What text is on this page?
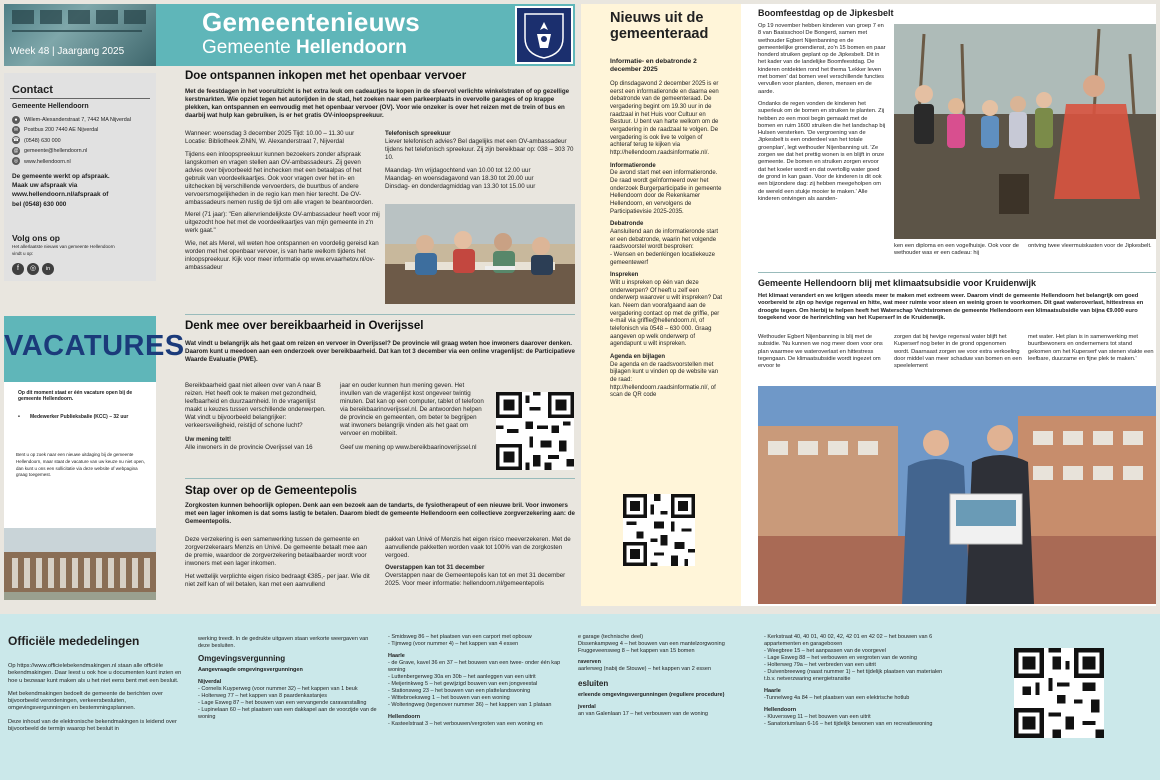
Week 48 | Jaargang 2025
Gemeentenieuws
Gemeente Hellendoorn
Contact
Gemeente Hellendoorn
● Willem-Alexanderstraat 7, 7442 MA Nijverdal
✉ Postbus 200 7440 AE Nijverdal
☎ (0548) 630 000
@ gemeente@hellendoorn.nl
◎ www.hellendoorn.nl
De gemeente werkt op afspraak.
Maak uw afspraak via
www.hellendoorn.nl/afspraak of
bel (0548) 630 000
Volg ons op
Het allerlaatste nieuws van gemeente Hellendoorn
vindt u op:
f ◎ in
VACATURES
Op dit moment staat er één vacature open bij de gemeente Hellendoorn.
•	Medewerker Publieksbalie (KCC) – 32 uur
Bent u op zoek naar een nieuwe uitdaging bij de gemeente Hellendoorn, maar staat de vacature van uw keuze nu niet open, dan kunt u ons een sollicitatie via deze website of webpagina graag toegemest.
Doe ontspannen inkopen met het openbaar vervoer
Met de feestdagen in het vooruitzicht is het extra leuk om cadeautjes te kopen in de sfeervol verlichte winkelstraten of op gezellige kerstmarkten. Wie opziet tegen het autorijden in de stad, het zoeken naar een parkeerplaats in overvolle garages of op krappe plekken, kan ontspannen en eenvoudig met het openbaar vervoer (OV). Voor wie onzeker is over het reizen met de trein of bus en daarbij wat hulp kan gebruiken, is er het gratis OV-inloopspreekuur.
Wanneer: woensdag 3 december 2025 Tijd: 10.00 – 11.30 uur
Locatie: Bibliotheek ZiNiN, W. Alexanderstraat 7, Nijverdal
Tijdens een inloopspreekuur kunnen bezoekers zonder afspraak langskomen en vragen stellen aan OV-ambassadeurs. Zij geven advies over bijvoorbeeld het inchecken met een betaalpas of het gebruik van voordeelkaartjes. Ook voor vragen over het in- en uitchecken bij verschillende vervoerders, de buurtbus of andere vervoersmogelijkheden in de regio kan men hier terecht. De OV-ambassadeurs nemen rustig de tijd om alle vragen te beantwoorden.
Merel (71 jaar): "Een allervriendelijkste OV-ambassadeur heeft voor mij uitgezocht hoe het met de voordeelkaartjes van mijn gemeente in z'n werk gaat."
Wie, net als Merel, wil weten hoe ontspannen en voordelig gereisd kan worden met het openbaar vervoer, is van harte welkom tijdens het inloopspreekuur. Kijk voor meer informatie op www.ervaarhetov.nl/ov-ambassadeur
Telefonisch spreekuur
Liever telefonisch advies? Bel dagelijks met een OV-ambassadeur tijdens het telefonisch spreekuur. Zij zijn bereikbaar op: 038 – 303 70 10.
Maandag- t/m vrijdagochtend van 10.00 tot 12.00 uur
Maandag- en woensdagavond van 18.30 tot 20.00 uur
Dinsdag- en donderdagmiddag van 13.30 tot 15.00 uur
Denk mee over bereikbaarheid in Overijssel
Wat vindt u belangrijk als het gaat om reizen en vervoer in Overijssel? De provincie wil graag weten hoe inwoners daarover denken. Daarom kunt u meedoen aan een onderzoek over bereikbaarheid. Dat kan tot 3 december via een online vragenlijst: de Participatieve Waarde Evaluatie (PWE).
Bereikbaarheid gaat niet alleen over van A naar B reizen. Het heeft ook te maken met gezondheid, leefbaarheid en duurzaamheid. In de vragenlijst maakt u keuzes tussen verschillende onderwerpen. Wat vindt u bijvoorbeeld belangrijker: verkeersveiligheid, reistijd of schone lucht?
Uw mening telt!
Alle inwoners in de provincie Overijssel van 16
jaar en ouder kunnen hun mening geven. Het invullen van de vragenlijst kost ongeveer twintig minuten. Dat kan op een computer, tablet of telefoon via bereikbaarinoverijssel.nl. De antwoorden helpen de provincie en gemeenten, om beter te begrijpen wat inwoners belangrijk vinden als het gaat om vervoer en mobiliteit.
Geef uw mening op www.bereikbaarinoverijssel.nl
Stap over op de Gemeentepolis
Zorgkosten kunnen behoorlijk oplopen. Denk aan een bezoek aan de tandarts, de fysiotherapeut of een nieuwe bril. Voor inwoners met een lager inkomen is dat soms lastig te betalen. Daarom biedt de gemeente Hellendoorn een collectieve zorgverzekering aan: de Gemeentepolis.
Deze verzekering is een samenwerking tussen de gemeente en zorgverzekeraars Menzis en Univé. De gemeente betaalt mee aan de premie, waardoor de zorgverzekering betaalbaarder wordt voor inwoners met een lager inkomen.
Het wettelijk verplichte eigen risico bedraagt €385,- per jaar. Wie dit niet zelf kan of wil betalen, kan met een aanvullend
pakket van Univé of Menzis het eigen risico meeverzekeren. Met de aanvullende pakketten worden vaak tot 100% van de zorgkosten vergoed.
Overstappen kan tot 31 december
Overstappen naar de Gemeentepolis kan tot en met 31 december 2025. Voor meer informatie: hellendoorn.nl/gemeentepolis
Nieuws uit de gemeenteraad
Informatie- en debatronde 2 december 2025
Op dinsdagavond 2 december 2025 is er eerst een informatieronde en daarna een debatronde van de gemeenteraad. De vergadering begint om 19.30 uur in de raadzaal in het Huis voor Cultuur en Bestuur. U bent van harte welkom om de vergadering in de raadzaal te volgen. De vergadering is ook live te volgen of achteraf terug te kijken via http://hellendoorn.raadsinformatie.nl/.
Informatieronde
De avond start met een informatieronde. De raad wordt geïnformeerd over het onderzoek Burgerparticipatie in gemeente Hellendoorn door de Rekenkamer Hellendoorn, en vervolgens de Participatievisie 2025-2035.
Debatronde
Aansluitend aan de informatieronde start er een debatronde, waarin het volgende raadsvoorstel wordt besproken:
- Wensen en bedenkingen locatiekeuze gemeentewerf
Inspreken
Wilt u inspreken op één van deze onderwerpen? Of heeft u zelf een onderwerp waarover u wilt inspreken? Dat kan. Neem dan voorafgaand aan de vergadering contact op met de griffie, per e-mail via griffie@hellendoorn.nl, of telefonisch via 0548 – 630 000. Graag aangeven op welk onderwerp of agendapunt u wilt inspreken.
Agenda en bijlagen
De agenda en de raadsvoorstellen met bijlagen kunt u vinden op de website van de raad: http://hellendoorn.raadsinformatie.nl/, of scan de QR code
Boomfeestdag op de Jipkesbelt
Op 19 november hebben kinderen van groep 7 en 8 van Basisschool De Bongerd, samen met wethouder Egbert Nijenbanning en de gemeentelijke groendienst, zo'n 15 bomen en paar honderd struiken geplant op de Jipkesbelt. Dit in het kader van de landelijke Boomfeestdag. De kinderen ontdekten rond het thema 'Lekker leven met bomen' dat bomen veel verschillende functies vervullen voor planten, dieren, mensen en de aarde.
Ondanks de regen vonden de kinderen het superleuk om de bomen en struiken te planten. Zij hebben zo een mooi begin gemaakt met de bomen en ruim 1600 struiken die het landschap bij Hulsen versterken. 'De vergroening van de Jipkesbelt is een onderdeel van het totale groenplan', legt wethouder Nijenbanning uit. 'Ze zorgen we dat het prettig wonen is en blijft in onze gemeente. De bomen en struiken zorgen ervoor dat het koeler wordt en dat overtollig water goed de grond in kan gaan. Voor de kinderen is dit ook een bijzondere dag: zij hebben meegeholpen om de wereld een stukje mooier te maken.' Alle kinderen ontvingen als aanden-
ken een diploma en een vogelhuisje. Ook voor de wethouder was er een cadeau: hij
ontving twee vleermuiskasten voor de Jipkesbelt.
Gemeente Hellendoorn blij met klimaatsubsidie voor Kruidenwijk
Het klimaat verandert en we krijgen steeds meer te maken met extreem weer. Daarom vindt de gemeente Hellendoorn het belangrijk om goed voorbereid te zijn op hevige regenval en hitte, wat meer ruimte voor steen en weinig groen te voorkomen. Dit gaat wateroverlast, hittestress en droogte tegen. Om hierbij te helpen heeft het Waterschap Vechtstromen de gemeente Hellendoorn een klimaatsubsidie van bijna €9.000 euro toegekend voor de herinrichting van het Kuperserf in de Kruidenwijk.
Wethouder Egbert Nijenbanning is blij met de subsidie. 'Nu kunnen we nog meer doen voor ons plan waarmee we wateroverlast en hittestress tegengaan. De klimaatsubsidie wordt ingezet om ervoor te
zorgen dat bij hevige regenval water blijft het Kuperserf nog beter in de grond opgenomen wordt. Daarnaast zorgen we voor extra verkoeling door middel van meer schaduw van bomen en een speelelement
met water. Het plan is in samenwerking met buurtbewoners en ondernemers tot stand gekomen om het Kuperserf van stenen vlakte een leefbare, duurzame en fijne plek te maken.'
Officiële mededelingen
Op https://www.officielebekendmakingen.nl staan alle officiële bekendmakingen. Daar leest u ook hoe u documenten kunt inzien en hoe u bezwaar kunt maken als u het niet eens bent met een besluit.
Met bekendmakingen bedoelt de gemeente de berichten over bijvoorbeeld verordeningen, verkeersbesluiten, omgevingsvergunningen en bestemmingsplannen.
Deze inhoud van de elektronische bekendmakingen is leidend over bijvoorbeeld de termijn waarop het besluit in
werking treedt. In de gedrukte uitgaven staan verkorte weergaven van deze besluiten.
Omgevingsvergunning
Aangevraagde omgevingsvergunningen
Nijverdal
- Cornelis Kuyperweg (voor nummer 32) – het kappen van 1 beuk
- Holterweg 77 – het kappen van 8 paardenkastanjes
- Lage Esweg 87 – het bouwen van een vervangende caravanstalling
- Lupinelaan 60 – het plaatsen van een dakkapel aan de voorzijde van de woning
- Smidsweg 86 – het plaatsen van een carport met opbouw
- Tijmweg (voor nummer 4) – het kappen van 4 essen
Haarle
- de Grave, kavel 36 en 37 – het bouwen van een twee- onder één kap woning
- Luttenbergerweg 30a en 30b – het aanleggen van een uitrit
- Meijerinkweg 5 – het gewijzigd bouwen van een jongveestal
- Stationsweg 23 – het bouwen van een plattelandswoning
- Wittebroeksweg 1 – het bouwen van een woning
- Wolteringweg (tegenover nummer 36) – het kappen van 1 plataan
Hellendoorn
- Kasteelstraat 3 – het verbouwen/vergroten van een woning en
e garage (technische deel)
Dissenkampweg 4 – het bouwen van een mantelzorgwoning
Fruggeveensweg 8 – het kappen van 15 bomen
raverven
aarlerweg (nabij de Stouwe) – het kappen van 2 essen
esluiten
erleende omgevingsvergunningen (reguliere procedure)
jverdal
an van Galenlaan 17 – het verbouwen van de woning
- Kerkstraat 40, 40 01, 40 02, 42, 42 01 en 42 02 – het bouwen van 6 appartementen en garageboxen
- Weegbree 15 – het aanpassen van de voorgevel
- Lage Esweg 88 – het verbouwen en vergroten van de woning
- Holterweg 79a – het verbreden van een uitrit
- Duivenbreeweg (naast nummer 1) – het tijdelijk plaatsen van materialen t.b.v. netverzwaring energietransitie
Haarle
-Tunnelweg 4a 84 – het plaatsen van een elektrische hotlub
Hellendoorn
- Kluversweg 11 – het bouwen van een uitrit
- Sanatoriumlaan 6-16 – het tijdelijk bewonen van en recreatiewoning
